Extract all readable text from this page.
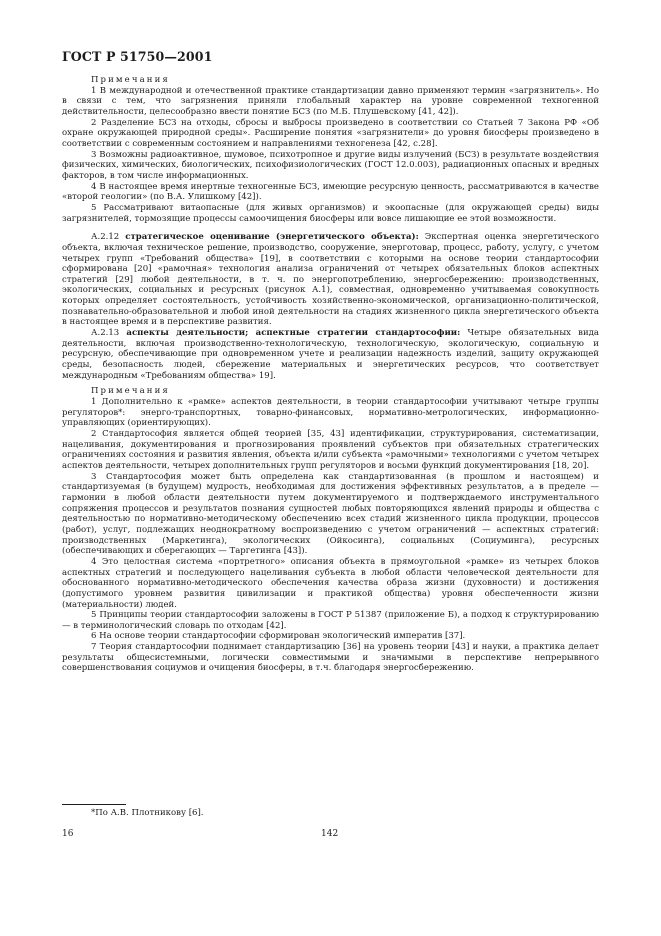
ГОСТ Р 51750—2001

Примечания

1 В международной и отечественной практике стандартизации давно применяют термин «загрязнитель». Но в связи с тем, что загрязнения приняли глобальный характер на уровне современной техногенной действительности, целесообразно ввести понятие БСЗ (по М.Б. Плушевскому [41, 42]).

2 Разделение БСЗ на отходы, сбросы и выбросы произведено в соответствии со Статьей 7 Закона РФ «Об охране окружающей природной среды». Расширение понятия «загрязнители» до уровня биосферы произведено в соответствии с современным состоянием и направлениями техногенеза [42, с.28].

3 Возможны радиоактивное, шумовое, психотропное и другие виды излучений (БСЗ) в результате воздействия физических, химических, биологических, психофизиологических (ГОСТ 12.0.003), радиационных опасных и вредных факторов, в том числе информационных.

4 В настоящее время инертные техногенные БСЗ, имеющие ресурсную ценность, рассматриваются в качестве «второй геологии» (по В.А. Улишкому [42]).

5 Рассматривают витаопасные (для живых организмов) и экоопасные (для окружающей среды) виды загрязнителей, тормозящие процессы самоочищения биосферы или вовсе лишающие ее этой возможности.

А.2.12 стратегическое оценивание (энергетического объекта): Экспертная оценка энергетического объекта, включая техническое решение, производство, сооружение, энерготовар, процесс, работу, услугу, с учетом четырех групп «Требований общества» [19], в соответствии с которыми на основе теории стандартософии сформирована [20] «рамочная» технология анализа ограничений от четырех обязательных блоков аспектных стратегий [29] любой деятельности, в т. ч. по энергопотреблению, энергосбережению: производственных, экологических, социальных и ресурсных (рисунок А.1), совместная, одновременно учитываемая совокупность которых определяет состоятельность, устойчивость хозяйственно-экономической, организационно-политической, познавательно-образовательной и любой иной деятельности на стадиях жизненного цикла энергетического объекта в настоящее время и в перспективе развития.

А.2.13 аспекты деятельности; аспектные стратегии стандартософии: Четыре обязательных вида деятельности, включая производственно-технологическую, технологическую, экологическую, социальную и ресурсную, обеспечивающие при одновременном учете и реализации надежность изделий, защиту окружающей среды, безопасность людей, сбережение материальных и энергетических ресурсов, что соответствует международным «Требованиям общества» 19].

Примечания

1 Дополнительно к «рамке» аспектов деятельности, в теории стандартософии учитывают четыре группы регуляторов*: энерго-транспортных, товарно-финансовых, нормативно-метрологических, информационно-управляющих (ориентирующих).

2 Стандартософия является общей теорией [35, 43] идентификации, структурирования, систематизации, нацеливания, документирования и прогнозирования проявлений субъектов при обязательных стратегических ограничениях состояния и развития явления, объекта и/или субъекта «рамочными» технологиями с учетом четырех аспектов деятельности, четырех дополнительных групп регуляторов и восьми функций документирования [18, 20].

3 Стандартософия может быть определена как стандартизованная (в прошлом и настоящем) и стандартизуемая (в будущем) мудрость, необходимая для достижения эффективных результатов, а в пределе — гармонии в любой области деятельности путем документируемого и подтверждаемого инструментального сопряжения процессов и результатов познания сущностей любых повторяющихся явлений природы и общества с деятельностью по нормативно-методическому обеспечению всех стадий жизненного цикла продукции, процессов (работ), услуг, подлежащих неоднократному воспроизведению с учетом ограничений — аспектных стратегий: производственных (Маркетинга), экологических (Ойкосинга), социальных (Социуминга), ресурсных (обеспечивающих и сберегающих — Таргетинга [43]).

4 Это целостная система «портретного» описания объекта в прямоугольной «рамке» из четырех блоков аспектных стратегий и последующего нацеливания субъекта в любой области человеческой деятельности для обоснованного нормативно-методического обеспечения качества образа жизни (духовности) и достижения (допустимого уровнем развития цивилизации и практикой общества) уровня обеспеченности жизни (материальности) людей.

5 Принципы теории стандартософии заложены в ГОСТ Р 51387 (приложение Б), а подход к структурированию — в терминологический словарь по отходам [42].

6 На основе теории стандартософии сформирован экологический императив [37].

7 Теория стандартософии поднимает стандартизацию [36] на уровень теории [43] и науки, а практика делает результаты общесистемными, логически совместимыми и значимыми в перспективе непрерывного совершенствования социумов и очищения биосферы, в т.ч. благодаря энергосбережению.

*По А.В. Плотникову [6].
16	142
